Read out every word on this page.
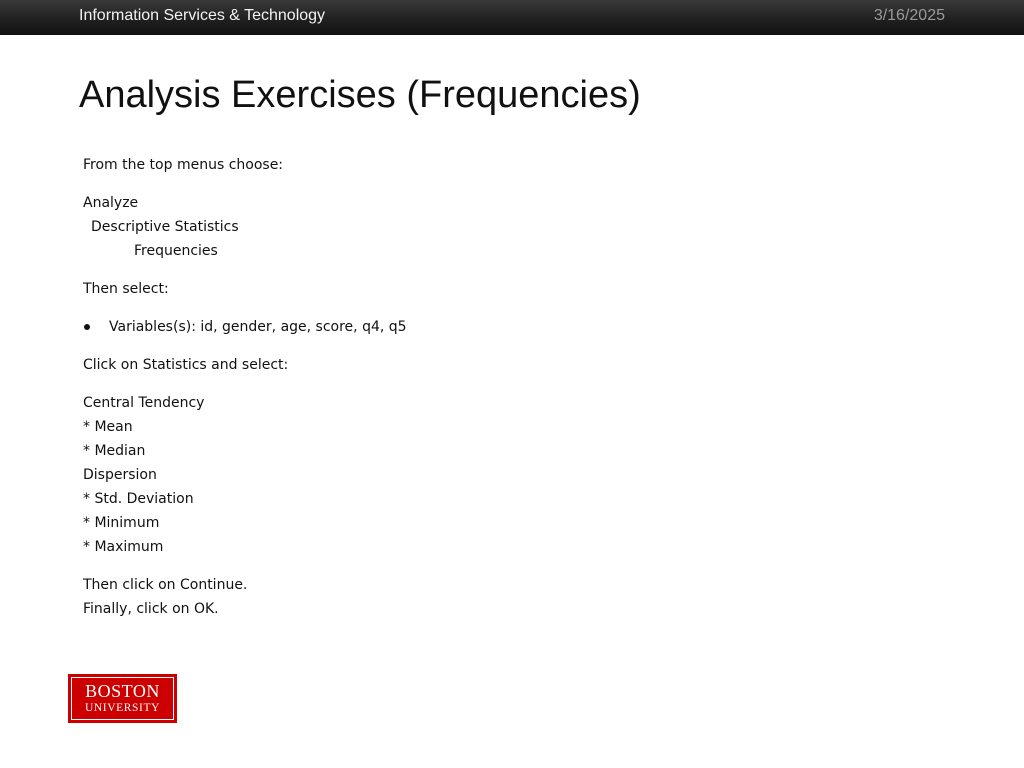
Information Services & Technology	3/16/2025
Analysis Exercises (Frequencies)

From the top menus choose:

Analyze
Descriptive Statistics
Frequencies

Then select:

Variables(s): id, gender, age, score, q4, q5

Click on Statistics and select:

Central Tendency
* Mean
* Median
Dispersion
* Std. Deviation
* Minimum
* Maximum

Then click on Continue.
Finally, click on OK.

BOSTON
UNIVERSITY
